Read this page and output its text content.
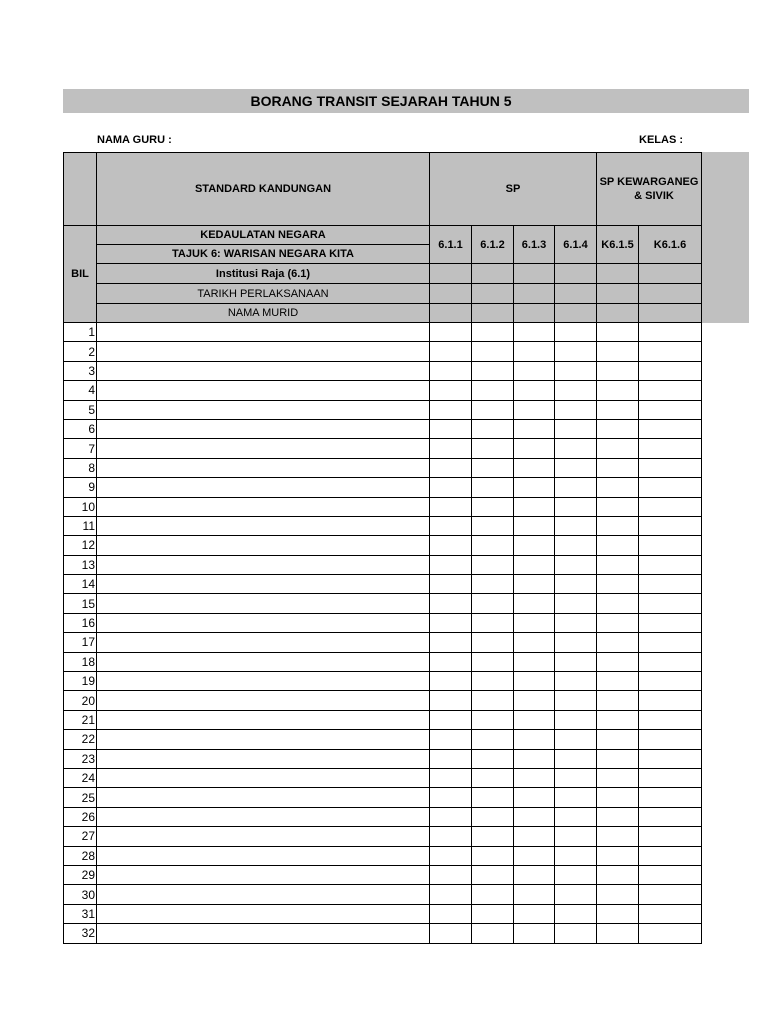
BORANG TRANSIT SEJARAH TAHUN 5
NAMA GURU :	KELAS :
	STANDARD KANDUNGAN	SP				SP KEWARGANEG
& SIVIK	

BIL	KEDAULATAN NEGARA	6.1.1	6.1.2	6.1.3	6.1.4	K6.1.5	K6.1.6
	TAJUK 6: WARISAN NEGARA KITA						
	Institusi Raja (6.1)						
	TARIKH PERLAKSANAAN						
	NAMA MURID						
1							
2							
3							
4							
5							
6							
7							
8							
9							
10							
11							
12							
13							
14							
15							
16							
17							
18							
19							
20							
21							
22							
23							
24							
25							
26							
27							
28							
29							
30							
31							
32							
